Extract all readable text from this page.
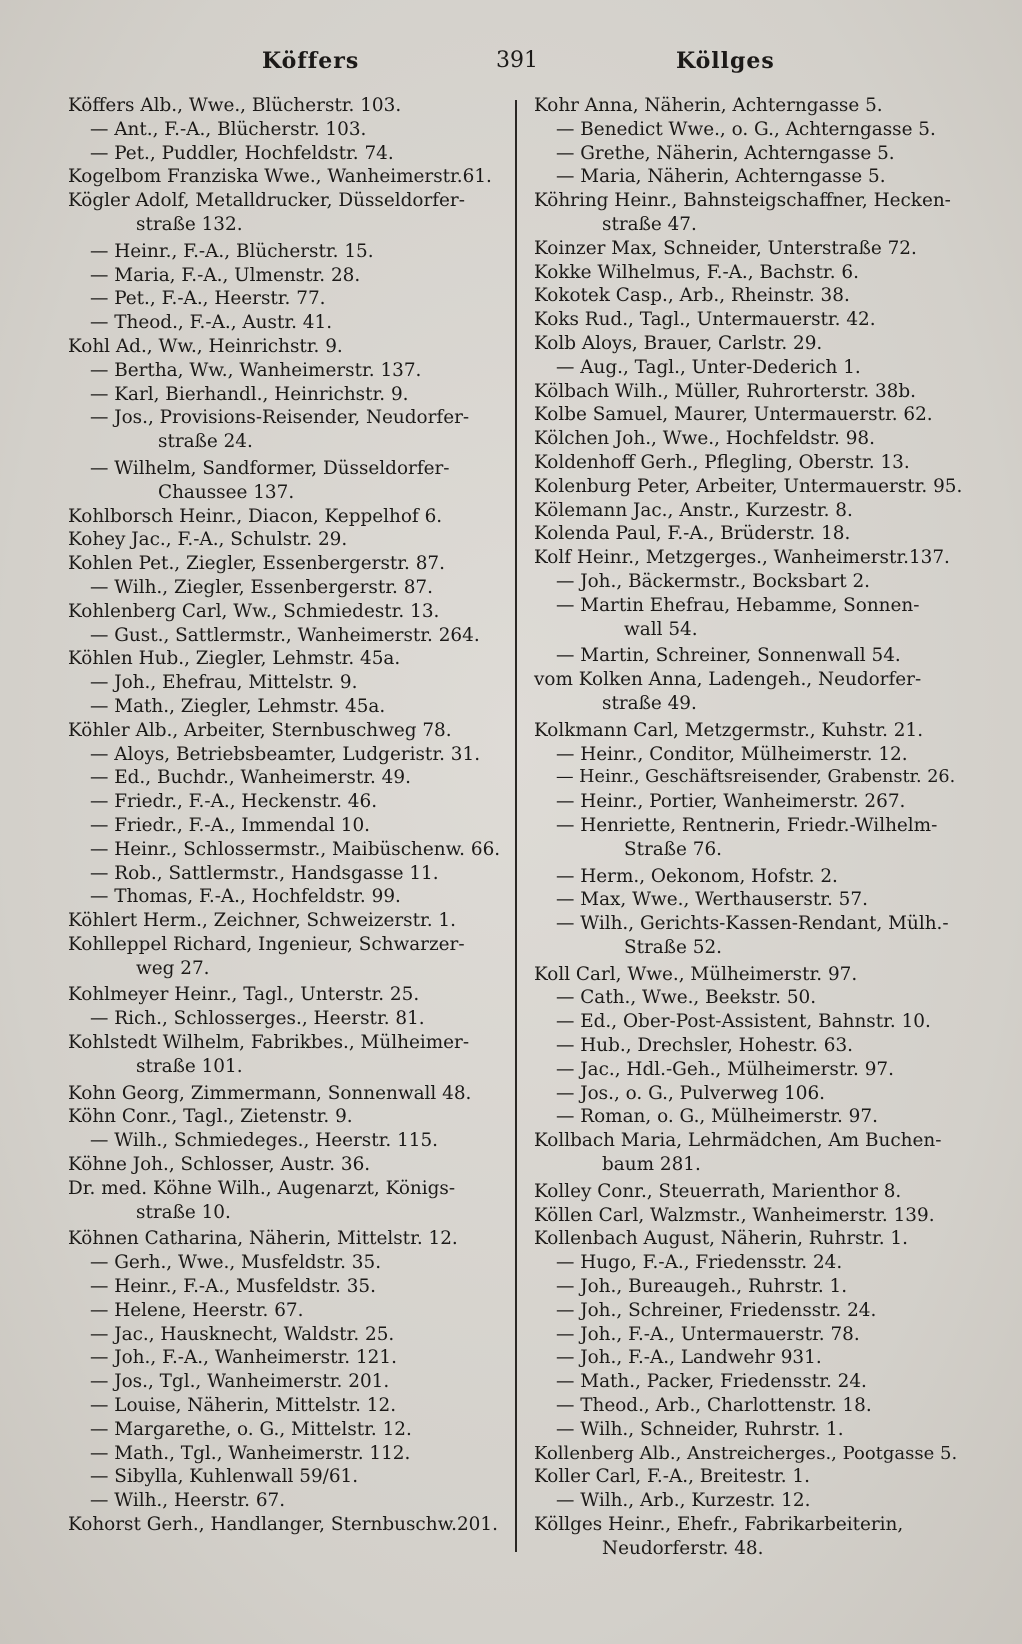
Köffers	391	Köllges
Köffers Alb., Wwe., Blücherstr. 103.
— Ant., F.-A., Blücherstr. 103.
— Pet., Puddler, Hochfeldstr. 74.
Kogelbom Franziska Wwe., Wanheimerstr.61.
Kögler Adolf, Metalldrucker, Düsseldorfer-
straße 132.
— Heinr., F.-A., Blücherstr. 15.
— Maria, F.-A., Ulmenstr. 28.
— Pet., F.-A., Heerstr. 77.
— Theod., F.-A., Austr. 41.
Kohl Ad., Ww., Heinrichstr. 9.
— Bertha, Ww., Wanheimerstr. 137.
— Karl, Bierhandl., Heinrichstr. 9.
— Jos., Provisions-Reisender, Neudorfer-
straße 24.
— Wilhelm, Sandformer, Düsseldorfer-
Chaussee 137.
Kohlborsch Heinr., Diacon, Keppelhof 6.
Kohey Jac., F.-A., Schulstr. 29.
Kohlen Pet., Ziegler, Essenbergerstr. 87.
— Wilh., Ziegler, Essenbergerstr. 87.
Kohlenberg Carl, Ww., Schmiedestr. 13.
— Gust., Sattlermstr., Wanheimerstr. 264.
Köhlen Hub., Ziegler, Lehmstr. 45a.
— Joh., Ehefrau, Mittelstr. 9.
— Math., Ziegler, Lehmstr. 45a.
Köhler Alb., Arbeiter, Sternbuschweg 78.
— Aloys, Betriebsbeamter, Ludgeristr. 31.
— Ed., Buchdr., Wanheimerstr. 49.
— Friedr., F.-A., Heckenstr. 46.
— Friedr., F.-A., Immendal 10.
— Heinr., Schlossermstr., Maibüschenw. 66.
— Rob., Sattlermstr., Handsgasse 11.
— Thomas, F.-A., Hochfeldstr. 99.
Köhlert Herm., Zeichner, Schweizerstr. 1.
Kohlleppel Richard, Ingenieur, Schwarzer-
weg 27.
Kohlmeyer Heinr., Tagl., Unterstr. 25.
— Rich., Schlosserges., Heerstr. 81.
Kohlstedt Wilhelm, Fabrikbes., Mülheimer-
straße 101.
Kohn Georg, Zimmermann, Sonnenwall 48.
Köhn Conr., Tagl., Zietenstr. 9.
— Wilh., Schmiedeges., Heerstr. 115.
Köhne Joh., Schlosser, Austr. 36.
Dr. med. Köhne Wilh., Augenarzt, Königs-
straße 10.
Köhnen Catharina, Näherin, Mittelstr. 12.
— Gerh., Wwe., Musfeldstr. 35.
— Heinr., F.-A., Musfeldstr. 35.
— Helene, Heerstr. 67.
— Jac., Hausknecht, Waldstr. 25.
— Joh., F.-A., Wanheimerstr. 121.
— Jos., Tgl., Wanheimerstr. 201.
— Louise, Näherin, Mittelstr. 12.
— Margarethe, o. G., Mittelstr. 12.
— Math., Tgl., Wanheimerstr. 112.
— Sibylla, Kuhlenwall 59/61.
— Wilh., Heerstr. 67.
Kohorst Gerh., Handlanger, Sternbuschw.201.
Kohr Anna, Näherin, Achterngasse 5.
— Benedict Wwe., o. G., Achterngasse 5.
— Grethe, Näherin, Achterngasse 5.
— Maria, Näherin, Achterngasse 5.
Köhring Heinr., Bahnsteigschaffner, Hecken-
straße 47.
Koinzer Max, Schneider, Unterstraße 72.
Kokke Wilhelmus, F.-A., Bachstr. 6.
Kokotek Casp., Arb., Rheinstr. 38.
Koks Rud., Tagl., Untermauerstr. 42.
Kolb Aloys, Brauer, Carlstr. 29.
— Aug., Tagl., Unter-Dederich 1.
Kölbach Wilh., Müller, Ruhrorterstr. 38b.
Kolbe Samuel, Maurer, Untermauerstr. 62.
Kölchen Joh., Wwe., Hochfeldstr. 98.
Koldenhoff Gerh., Pflegling, Oberstr. 13.
Kolenburg Peter, Arbeiter, Untermauerstr. 95.
Kölemann Jac., Anstr., Kurzestr. 8.
Kolenda Paul, F.-A., Brüderstr. 18.
Kolf Heinr., Metzgerges., Wanheimerstr.137.
— Joh., Bäckermstr., Bocksbart 2.
— Martin Ehefrau, Hebamme, Sonnen-
wall 54.
— Martin, Schreiner, Sonnenwall 54.
vom Kolken Anna, Ladengeh., Neudorfer-
straße 49.
Kolkmann Carl, Metzgermstr., Kuhstr. 21.
— Heinr., Conditor, Mülheimerstr. 12.
— Heinr., Geschäftsreisender, Grabenstr. 26.
— Heinr., Portier, Wanheimerstr. 267.
— Henriette, Rentnerin, Friedr.-Wilhelm-
Straße 76.
— Herm., Oekonom, Hofstr. 2.
— Max, Wwe., Werthauserstr. 57.
— Wilh., Gerichts-Kassen-Rendant, Mülh.-
Straße 52.
Koll Carl, Wwe., Mülheimerstr. 97.
— Cath., Wwe., Beekstr. 50.
— Ed., Ober-Post-Assistent, Bahnstr. 10.
— Hub., Drechsler, Hohestr. 63.
— Jac., Hdl.-Geh., Mülheimerstr. 97.
— Jos., o. G., Pulverweg 106.
— Roman, o. G., Mülheimerstr. 97.
Kollbach Maria, Lehrmädchen, Am Buchen-
baum 281.
Kolley Conr., Steuerrath, Marienthor 8.
Köllen Carl, Walzmstr., Wanheimerstr. 139.
Kollenbach August, Näherin, Ruhrstr. 1.
— Hugo, F.-A., Friedensstr. 24.
— Joh., Bureaugeh., Ruhrstr. 1.
— Joh., Schreiner, Friedensstr. 24.
— Joh., F.-A., Untermauerstr. 78.
— Joh., F.-A., Landwehr 931.
— Math., Packer, Friedensstr. 24.
— Theod., Arb., Charlottenstr. 18.
— Wilh., Schneider, Ruhrstr. 1.
Kollenberg Alb., Anstreicherges., Pootgasse 5.
Koller Carl, F.-A., Breitestr. 1.
— Wilh., Arb., Kurzestr. 12.
Köllges Heinr., Ehefr., Fabrikarbeiterin,
Neudorferstr. 48.
